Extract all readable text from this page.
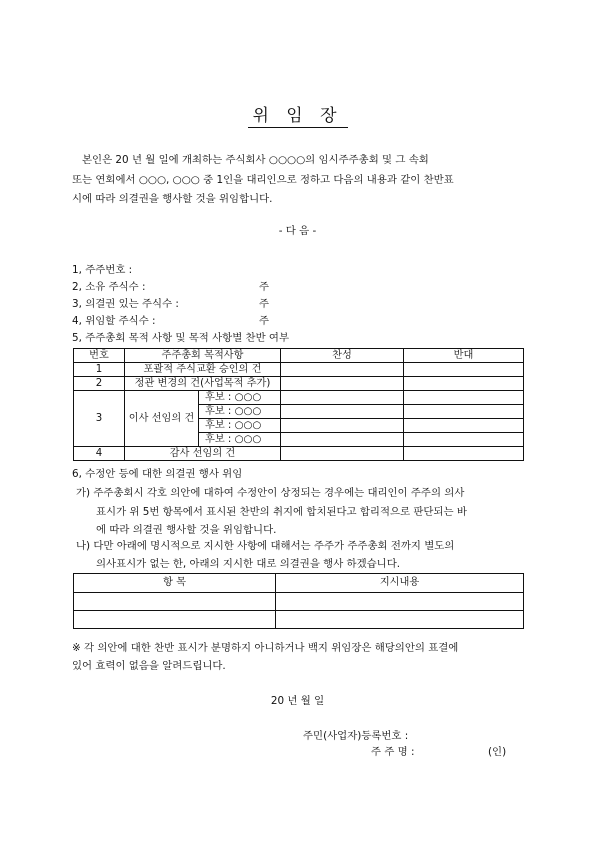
위 임 장
본인은 20 년 월 일에 개최하는 주식회사 ○○○○의 임시주주총회 및 그 속회
또는 연회에서 ○○○, ○○○ 중 1인을 대리인으로 정하고 다음의 내용과 같이 찬반표
시에 따라 의결권을 행사할 것을 위임합니다.
- 다 음 -
1, 주주번호 :
2, 소유 주식수 :	주
3, 의결권 있는 주식수 :	주
4, 위임할 주식수 :	주
5, 주주총회 목적 사항 및 목적 사항별 찬반 여부
번호	주주총회 목적사항		찬성	반대
1	포괄적 주식교환 승인의 건			
2	정관 변경의 건(사업목적 추가)			
3	이사 선임의 건	후보 : ○○○		
		후보 : ○○○		
		후보 : ○○○		
		후보 : ○○○		
4	감사 선임의 건			
6, 수정안 등에 대한 의결권 행사 위임
가) 주주총회시 각호 의안에 대하여 수정안이 상정되는 경우에는 대리인이 주주의 의사
표시가 위 5번 항목에서 표시된 찬반의 취지에 합치된다고 합리적으로 판단되는 바
에 따라 의결권 행사할 것을 위임합니다.
나) 다만 아래에 명시적으로 지시한 사항에 대해서는 주주가 주주총회 전까지 별도의
의사표시가 없는 한, 아래의 지시한 대로 의결권을 행사 하겠습니다.
항 목	지시내용

※ 각 의안에 대한 찬반 표시가 분명하지 아니하거나 백지 위임장은 해당의안의 표결에
있어 효력이 없음을 알려드립니다.
20 년 월 일
주민(사업자)등록번호 :
주 주 명 :	(인)
